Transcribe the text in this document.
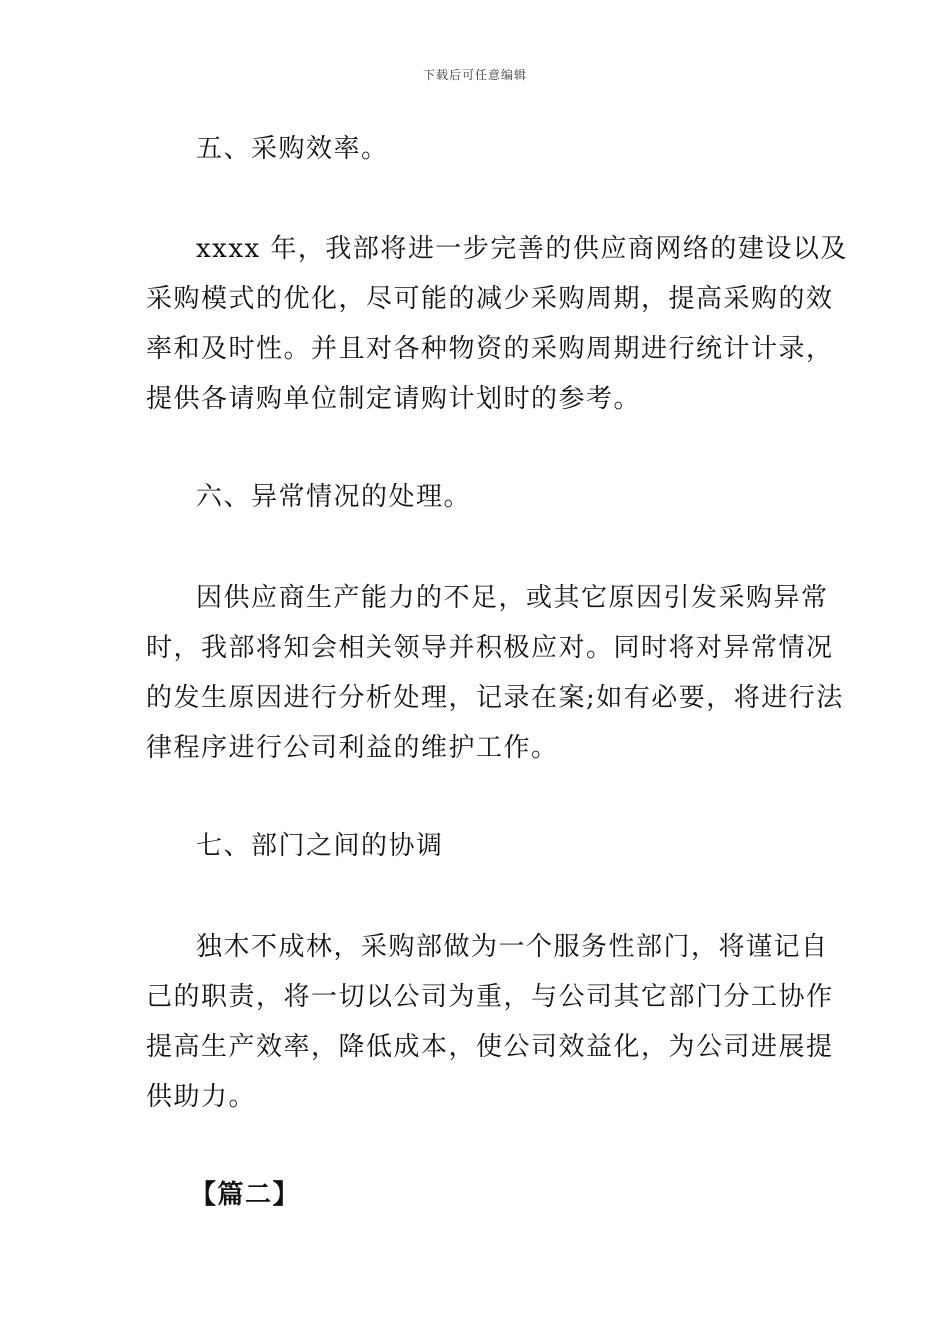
下载后可任意编辑
五、采购效率。
xxxx 年，我部将进一步完善的供应商网络的建设以及
采购模式的优化，尽可能的减少采购周期，提高采购的效
率和及时性。并且对各种物资的采购周期进行统计计录，
提供各请购单位制定请购计划时的参考。
六、异常情况的处理。
因供应商生产能力的不足，或其它原因引发采购异常
时，我部将知会相关领导并积极应对。同时将对异常情况
的发生原因进行分析处理，记录在案;如有必要，将进行法
律程序进行公司利益的维护工作。
七、部门之间的协调
独木不成林，采购部做为一个服务性部门，将谨记自
己的职责，将一切以公司为重，与公司其它部门分工协作
提高生产效率，降低成本，使公司效益化，为公司进展提
供助力。
【篇二】
